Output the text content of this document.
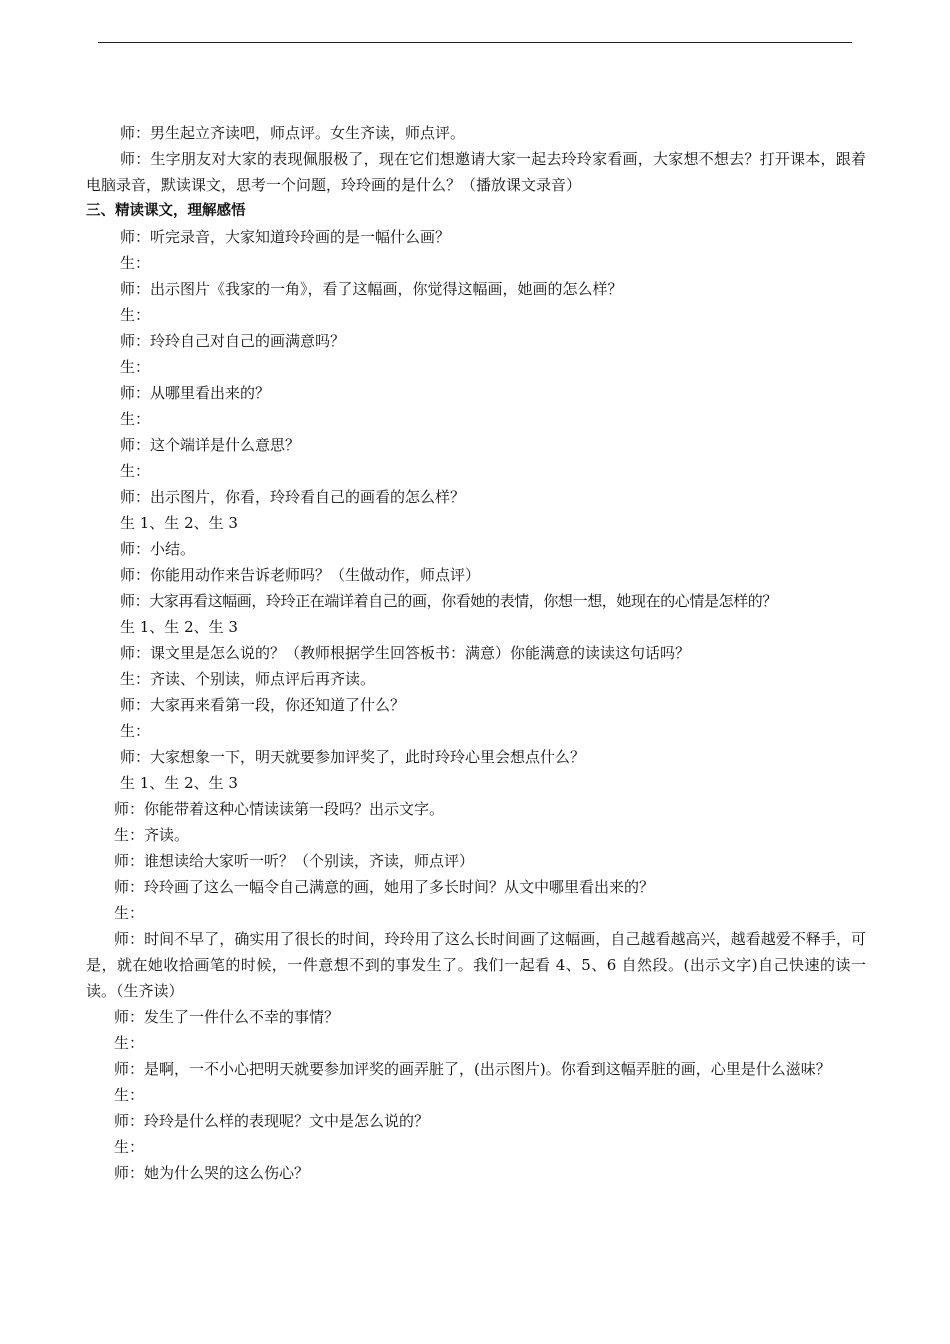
师：男生起立齐读吧，师点评。女生齐读，师点评。

师：生字朋友对大家的表现佩服极了，现在它们想邀请大家一起去玲玲家看画，大家想不想去？打开课本，跟着电脑录音，默读课文，思考一个问题，玲玲画的是什么？（播放课文录音）

三、精读课文，理解感悟

师：听完录音，大家知道玲玲画的是一幅什么画？

生：

师：出示图片《我家的一角》，看了这幅画，你觉得这幅画，她画的怎么样？

生：

师：玲玲自己对自己的画满意吗？

生：

师：从哪里看出来的？

生：

师：这个端详是什么意思？

生：

师：出示图片，你看，玲玲看自己的画看的怎么样？

生 1、生 2、生 3

师：小结。

师：你能用动作来告诉老师吗？（生做动作，师点评）

师：大家再看这幅画，玲玲正在端详着自己的画，你看她的表情，你想一想，她现在的心情是怎样的？

生 1、生 2、生 3

师：课文里是怎么说的？（教师根据学生回答板书：满意）你能满意的读读这句话吗？

生：齐读、个别读，师点评后再齐读。

师：大家再来看第一段，你还知道了什么？

生：

师：大家想象一下，明天就要参加评奖了，此时玲玲心里会想点什么？

生 1、生 2、生 3

师：你能带着这种心情读读第一段吗？出示文字。

生：齐读。

师：谁想读给大家听一听？（个别读，齐读，师点评）

师：玲玲画了这么一幅令自己满意的画，她用了多长时间？从文中哪里看出来的？

生：

师：时间不早了，确实用了很长的时间，玲玲用了这么长时间画了这幅画，自己越看越高兴，越看越爱不释手，可是，就在她收拾画笔的时候，一件意想不到的事发生了。我们一起看 4、5、6 自然段。(出示文字)自己快速的读一读。（生齐读）

师：发生了一件什么不幸的事情？

生：

师：是啊，一不小心把明天就要参加评奖的画弄脏了，(出示图片)。你看到这幅弄脏的画，心里是什么滋味？

生：

师：玲玲是什么样的表现呢？文中是怎么说的？

生：

师：她为什么哭的这么伤心？
